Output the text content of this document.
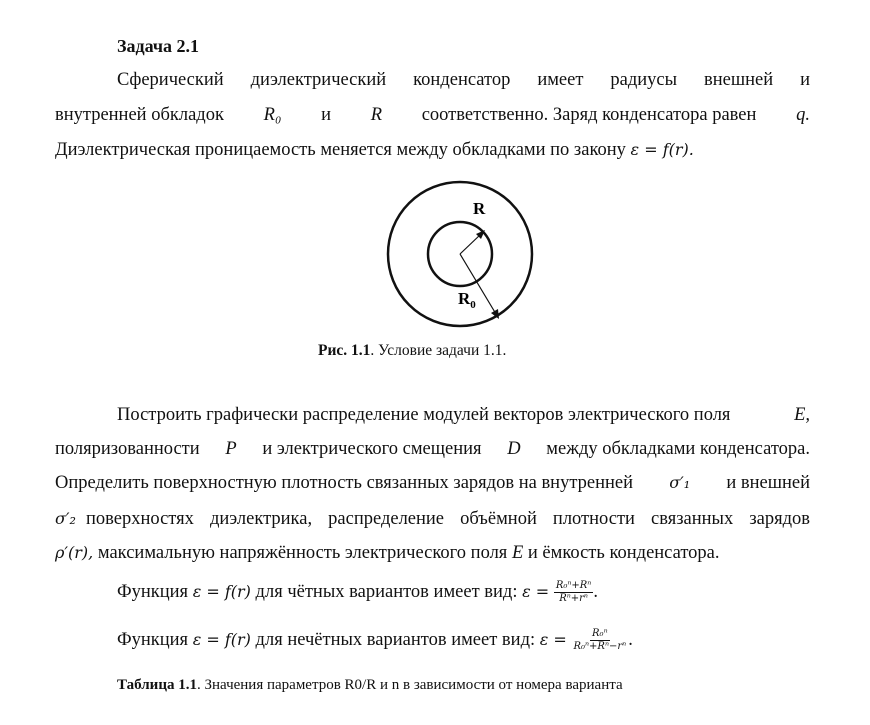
Задача 2.1
Сферический диэлектрический конденсатор имеет радиусы внешней и
внутренней обкладок R₀ и R соответственно. Заряд конденсатора равен q.
Диэлектрическая проницаемость меняется между обкладками по закону ε = f(r).
R
$R_0$
Рис. 1.1. Условие задачи 1.1.
Построить графически распределение модулей векторов электрического поля	E,
поляризованности P и электрического смещения D между обкладками конденсатора.
Определить поверхностную плотность связанных зарядов на внутренней σ′₁ и внешней
σ′₂ поверхностях диэлектрика, распределение объёмной плотности связанных зарядов
ρ′(r), максимальную напряжённость электрического поля E и ёмкость конденсатора.
Функция ε = f(r) для чётных вариантов имеет вид: $\varepsilon = \frac{\text{R₀ⁿ+Rⁿ}}{\text{Rⁿ+rⁿ}}$ .
Функция ε = f(r) для нечётных вариантов имеет вид: $\varepsilon = \frac{\text{R₀ⁿ}}{\text{R₀ⁿ+Rⁿ−rⁿ}}$ .
Таблица 1.1. Значения параметров R0/R и n в зависимости от номера варианта
